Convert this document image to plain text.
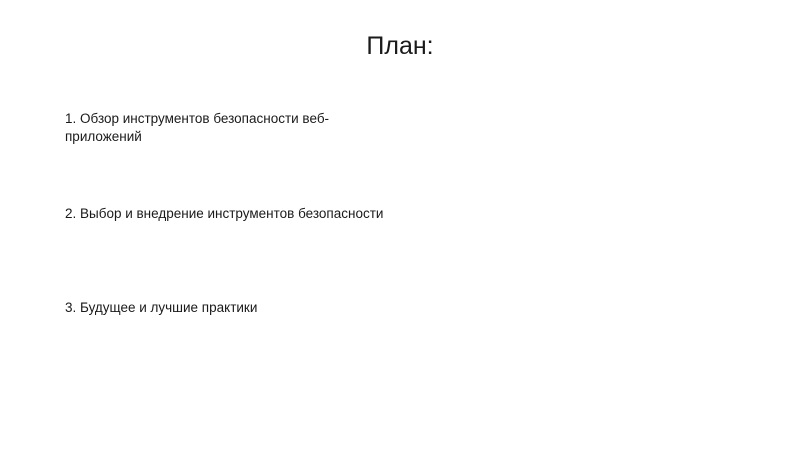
План:

1. Обзор инструментов безопасности веб-приложений

2. Выбор и внедрение инструментов безопасности

3. Будущее и лучшие практики
